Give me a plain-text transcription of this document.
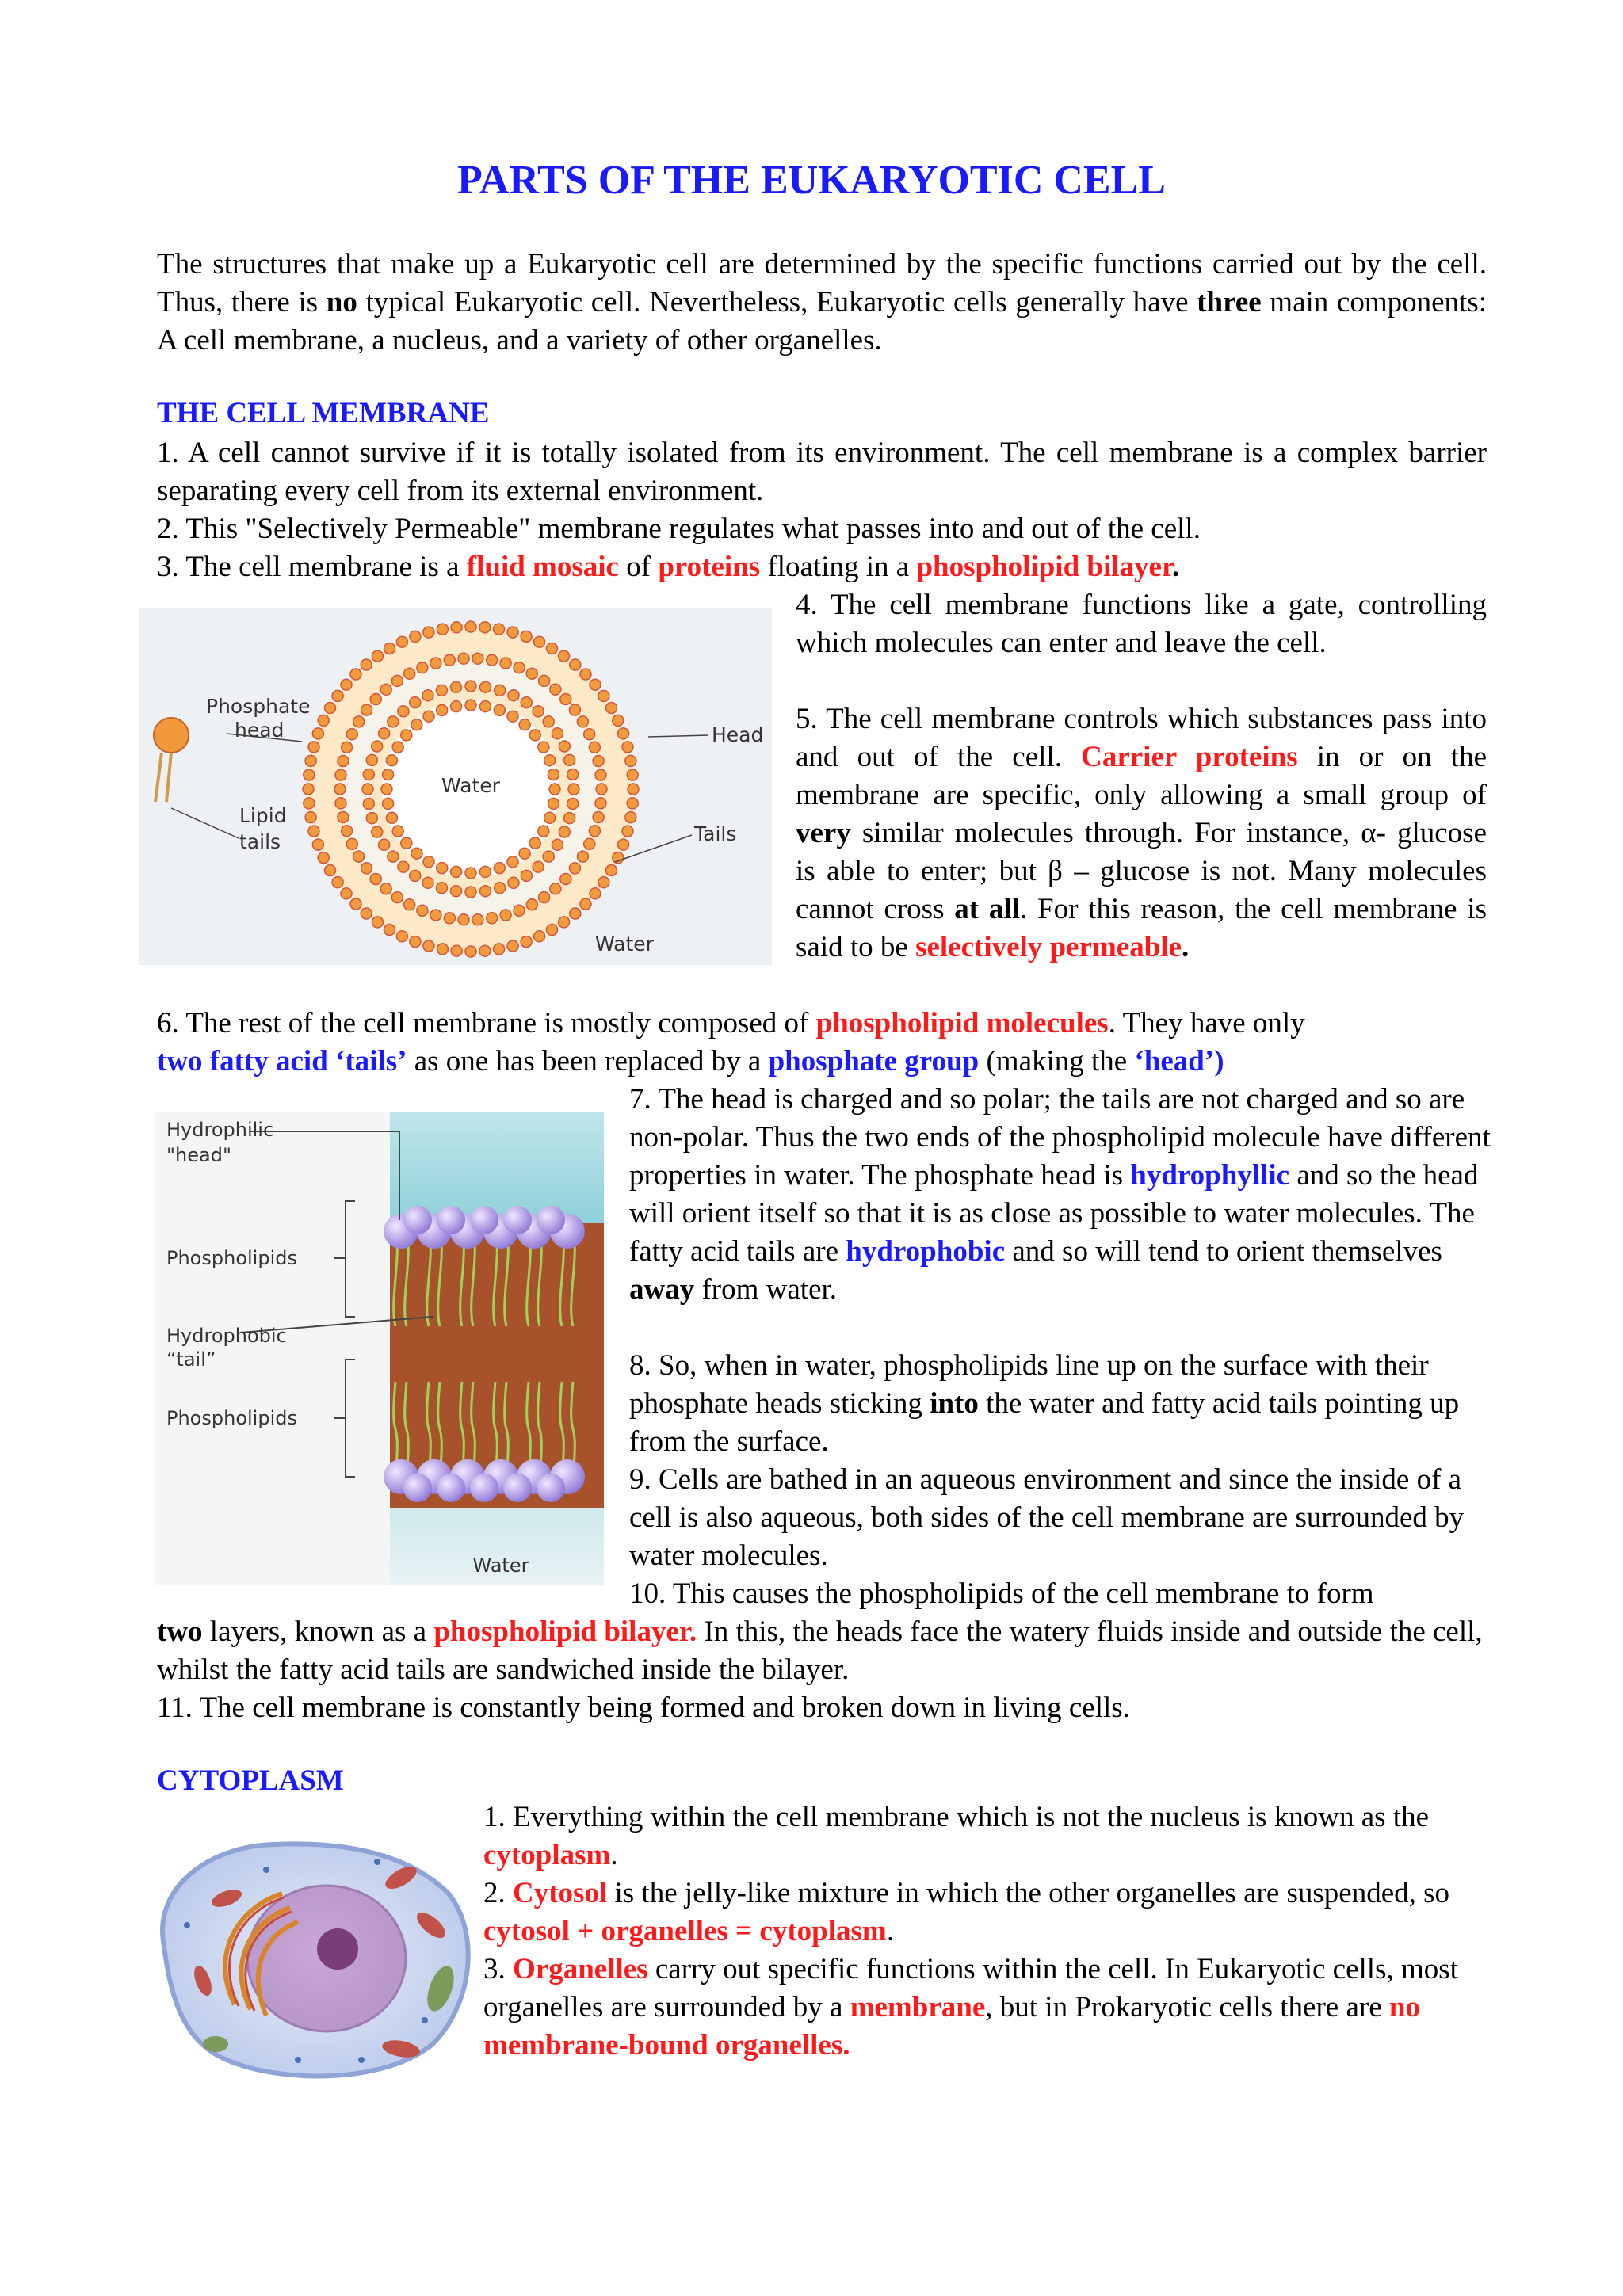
PARTS OF THE EUKARYOTIC CELL
The structures that make up a Eukaryotic cell are determined by the specific functions carried out by the cell. Thus, there is no typical Eukaryotic cell. Nevertheless, Eukaryotic cells generally have three main components: A cell membrane, a nucleus, and a variety of other organelles.
THE CELL MEMBRANE
1. A cell cannot survive if it is totally isolated from its environment. The cell membrane is a complex barrier separating every cell from its external environment.
2. This "Selectively Permeable" membrane regulates what passes into and out of the cell.
3. The cell membrane is a fluid mosaic of proteins floating in a phospholipid bilayer.
Phosphate
head
Lipid
tails
Water
Water
Head
Tails
4. The cell membrane functions like a gate, controlling which molecules can enter and leave the cell.
5. The cell membrane controls which substances pass into and out of the cell. Carrier proteins in or on the membrane are specific, only allowing a small group of very similar molecules through. For instance, α- glucose is able to enter; but β – glucose is not. Many molecules cannot cross at all. For this reason, the cell membrane is said to be selectively permeable.
6. The rest of the cell membrane is mostly composed of phospholipid molecules. They have only
two fatty acid ‘tails’ as one has been replaced by a phosphate group (making the ‘head’)
Hydrophilic
"head"
Phospholipids
Hydrophobic
“tail”
Phospholipids
Water
7. The head is charged and so polar; the tails are not charged and so are non-polar. Thus the two ends of the phospholipid molecule have different properties in water. The phosphate head is hydrophyllic and so the head will orient itself so that it is as close as possible to water molecules. The fatty acid tails are hydrophobic and so will tend to orient themselves away from water.
8. So, when in water, phospholipids line up on the surface with their phosphate heads sticking into the water and fatty acid tails pointing up from the surface.
9. Cells are bathed in an aqueous environment and since the inside of a cell is also aqueous, both sides of the cell membrane are surrounded by water molecules.
10. This causes the phospholipids of the cell membrane to form
two layers, known as a phospholipid bilayer. In this, the heads face the watery fluids inside and outside the cell, whilst the fatty acid tails are sandwiched inside the bilayer.
11. The cell membrane is constantly being formed and broken down in living cells.
CYTOPLASM
1. Everything within the cell membrane which is not the nucleus is known as the cytoplasm.
2. Cytosol is the jelly-like mixture in which the other organelles are suspended, so cytosol + organelles = cytoplasm.
3. Organelles carry out specific functions within the cell. In Eukaryotic cells, most organelles are surrounded by a membrane, but in Prokaryotic cells there are no membrane-bound organelles.
